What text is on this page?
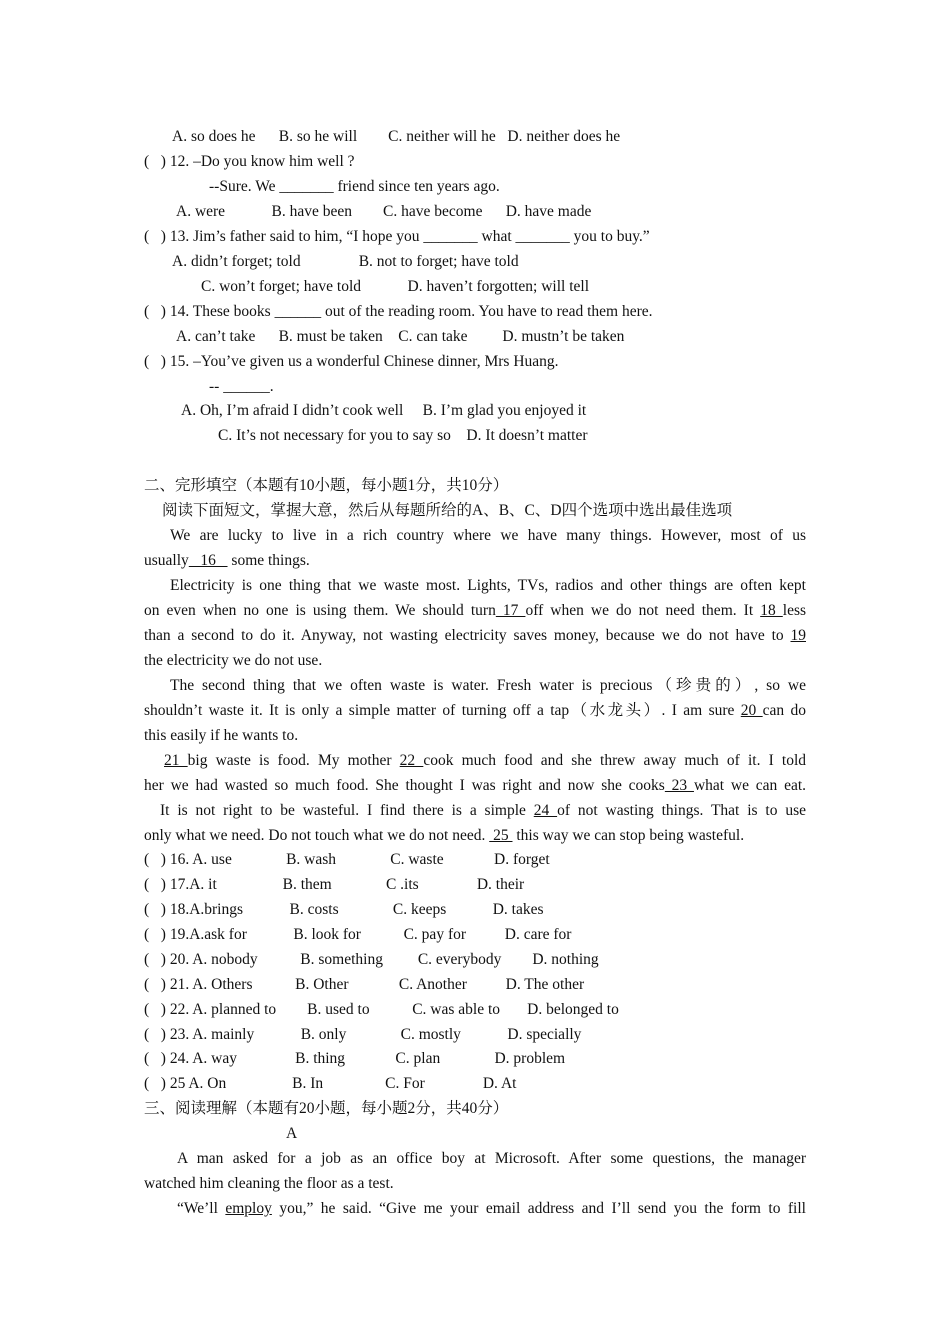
A. so does he      B. so he will        C. neither will he   D. neither does he
(   ) 12. –Do you know him well ?
--Sure. We _______ friend since ten years ago.
A. were            B. have been        C. have become      D. have made
(   ) 13. Jim’s father said to him, “I hope you _______ what _______ you to buy.”
A. didn’t forget; told               B. not to forget; have told
C. won’t forget; have told            D. haven’t forgotten; will tell
(   ) 14. These books ______ out of the reading room. You have to read them here.
A. can’t take      B. must be taken    C. can take         D. mustn’t be taken
(   ) 15. –You’ve given us a wonderful Chinese dinner, Mrs Huang.
-- ______.
A. Oh, I’m afraid I didn’t cook well     B. I’m glad you enjoyed it
C. It’s not necessary for you to say so    D. It doesn’t matter
二、完形填空（本题有10小题，每小题1分，共10分）
阅读下面短文，掌握大意，然后从每题所给的A、B、C、D四个选项中选出最佳选项
We are lucky to live in a rich country where we have many things. However, most of us
usually   16    some things.
Electricity is one thing that we waste most. Lights, TVs, radios and other things are often kept
on even when no one is using them. We should turn 17 off when we do not need them. It 18 less
than a second to do it. Anyway, not wasting electricity saves money, because we do not have to 19
the electricity we do not use.
The second thing that we often waste is water. Fresh water is precious（珍贵的）, so we
shouldn’t waste it. It is only a simple matter of turning off a tap（水龙头）. I am sure 20 can do
this easily if he wants to.
21 big waste is food. My mother 22 cook much food and she threw away much of it. I told
her we had wasted so much food. She thought I was right and now she cooks 23 what we can eat.
It is not right to be wasteful. I find there is a simple 24 of not wasting things. That is to use
only what we need. Do not touch what we do not need.  25  this way we can stop being wasteful.
(   ) 16. A. use              B. wash              C. waste             D. forget
(   ) 17.A. it                 B. them              C .its               D. their
(   ) 18.A.brings            B. costs              C. keeps            D. takes
(   ) 19.A.ask for            B. look for           C. pay for          D. care for
(   ) 20. A. nobody           B. something         C. everybody        D. nothing
(   ) 21. A. Others           B. Other             C. Another          D. The other
(   ) 22. A. planned to        B. used to           C. was able to       D. belonged to
(   ) 23. A. mainly            B. only              C. mostly            D. specially
(   ) 24. A. way               B. thing             C. plan              D. problem
(   ) 25 A. On                 B. In                C. For               D. At
三、阅读理解（本题有20小题，每小题2分，共40分）
A
A man asked for a job as an office boy at Microsoft. After some questions, the manager
watched him cleaning the floor as a test.
“We’ll employ you,” he said. “Give me your email address and I’ll send you the form to fill
